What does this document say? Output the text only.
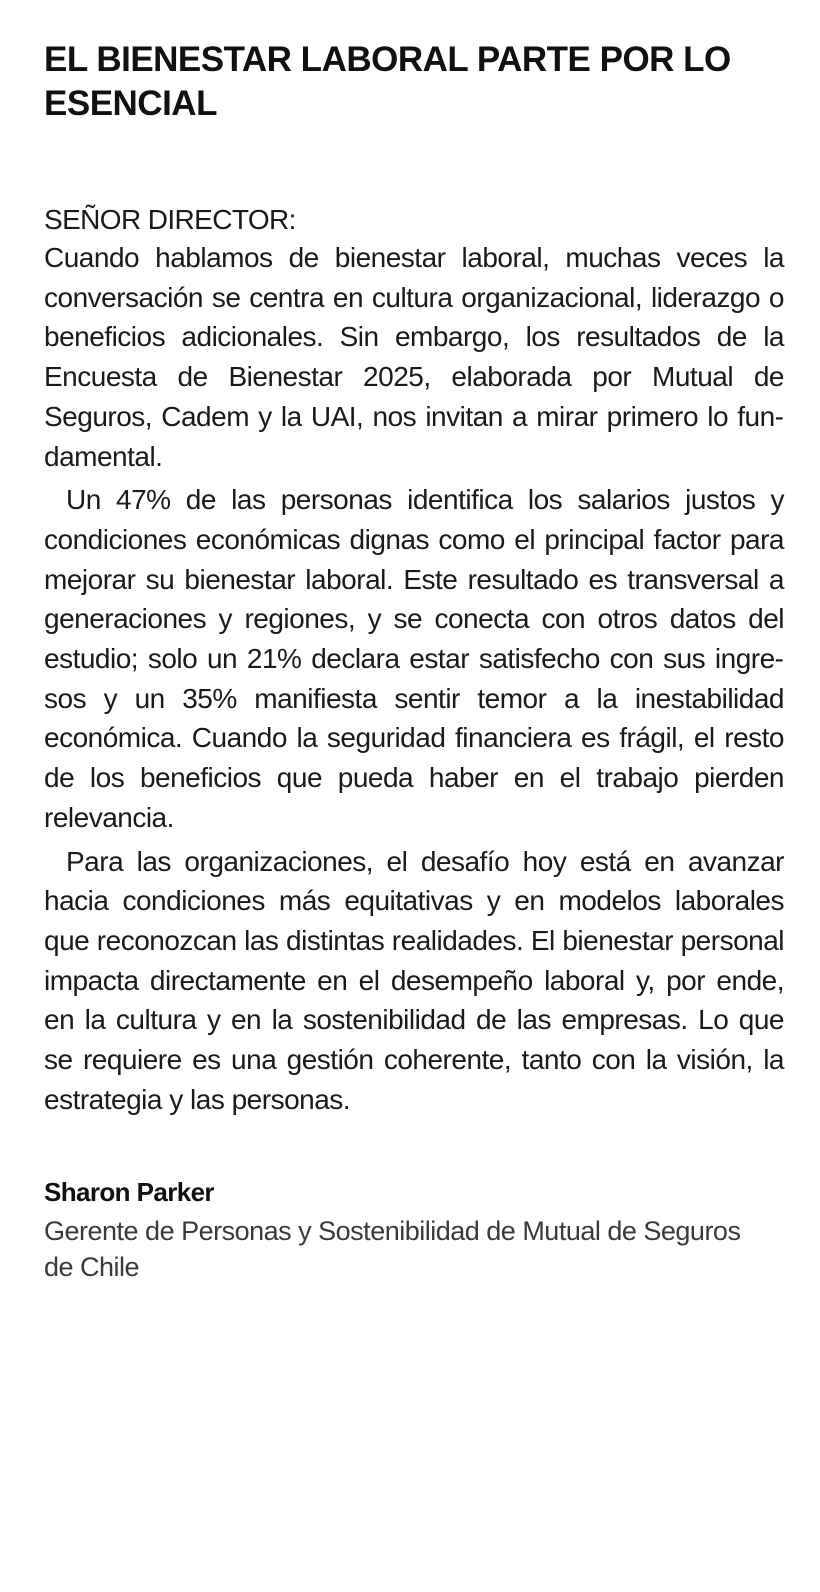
EL BIENESTAR LABORAL PARTE POR LO ESENCIAL
SEÑOR DIRECTOR:

Cuando hablamos de bienestar laboral, muchas veces la conversación se centra en cultura organizacional, liderazgo o beneficios adicionales. Sin embargo, los resultados de la Encuesta de Bienestar 2025, elaborada por Mutual de Seguros, Cadem y la UAI, nos invitan a mirar primero lo fundamental.

Un 47% de las personas identifica los salarios justos y condiciones económicas dignas como el principal factor para mejorar su bienestar laboral. Este resultado es transversal a generaciones y regiones, y se conecta con otros datos del estudio; solo un 21% declara estar satisfecho con sus ingresos y un 35% manifiesta sentir temor a la inestabilidad económica. Cuando la seguridad financiera es frágil, el resto de los beneficios que pueda haber en el trabajo pierden relevancia.

Para las organizaciones, el desafío hoy está en avanzar hacia condiciones más equitativas y en modelos laborales que reconozcan las distintas realidades. El bienestar personal impacta directamente en el desempeño laboral y, por ende, en la cultura y en la sostenibilidad de las empresas. Lo que se requiere es una gestión coherente, tanto con la visión, la estrategia y las personas.

Sharon Parker
Gerente de Personas y Sostenibilidad de Mutual de Seguros de Chile
